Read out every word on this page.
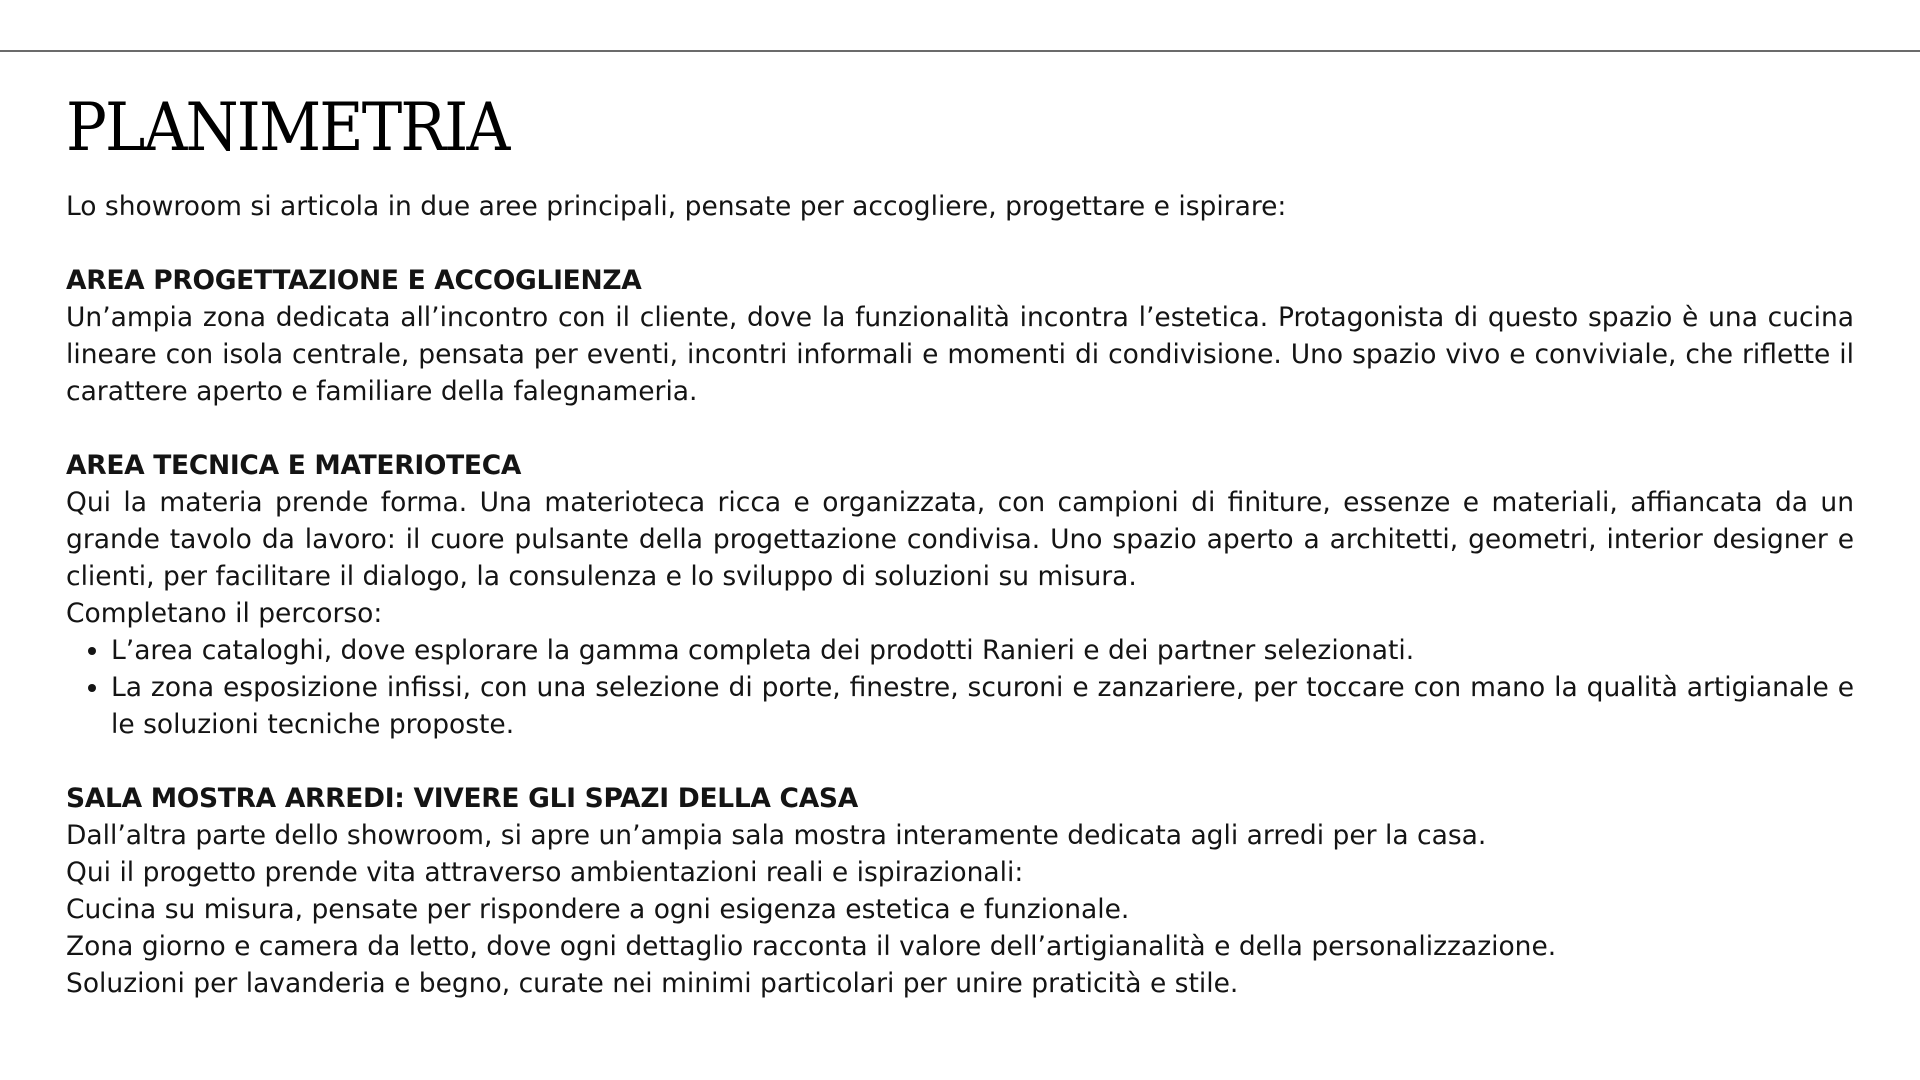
PLANIMETRIA

Lo showroom si articola in due aree principali, pensate per accogliere, progettare e ispirare:

AREA PROGETTAZIONE E ACCOGLIENZA

Un’ampia zona dedicata all’incontro con il cliente, dove la funzionalità incontra l’estetica. Protagonista di questo spazio è una cucina lineare con isola centrale, pensata per eventi, incontri informali e momenti di condivisione. Uno spazio vivo e conviviale, che riflette il carattere aperto e familiare della falegnameria.

AREA TECNICA E MATERIOTECA

Qui la materia prende forma. Una materioteca ricca e organizzata, con campioni di finiture, essenze e materiali, affiancata da un grande tavolo da lavoro: il cuore pulsante della progettazione condivisa. Uno spazio aperto a architetti, geometri, interior designer e clienti, per facilitare il dialogo, la consulenza e lo sviluppo di soluzioni su misura.

Completano il percorso:

• L’area cataloghi, dove esplorare la gamma completa dei prodotti Ranieri e dei partner selezionati.
• La zona esposizione infissi, con una selezione di porte, finestre, scuroni e zanzariere, per toccare con mano la qualità artigianale e le soluzioni tecniche proposte.

SALA MOSTRA ARREDI: VIVERE GLI SPAZI DELLA CASA

Dall’altra parte dello showroom, si apre un’ampia sala mostra interamente dedicata agli arredi per la casa.

Qui il progetto prende vita attraverso ambientazioni reali e ispirazionali:

Cucina su misura, pensate per rispondere a ogni esigenza estetica e funzionale.

Zona giorno e camera da letto, dove ogni dettaglio racconta il valore dell’artigianalità e della personalizzazione.

Soluzioni per lavanderia e begno, curate nei minimi particolari per unire praticità e stile.
